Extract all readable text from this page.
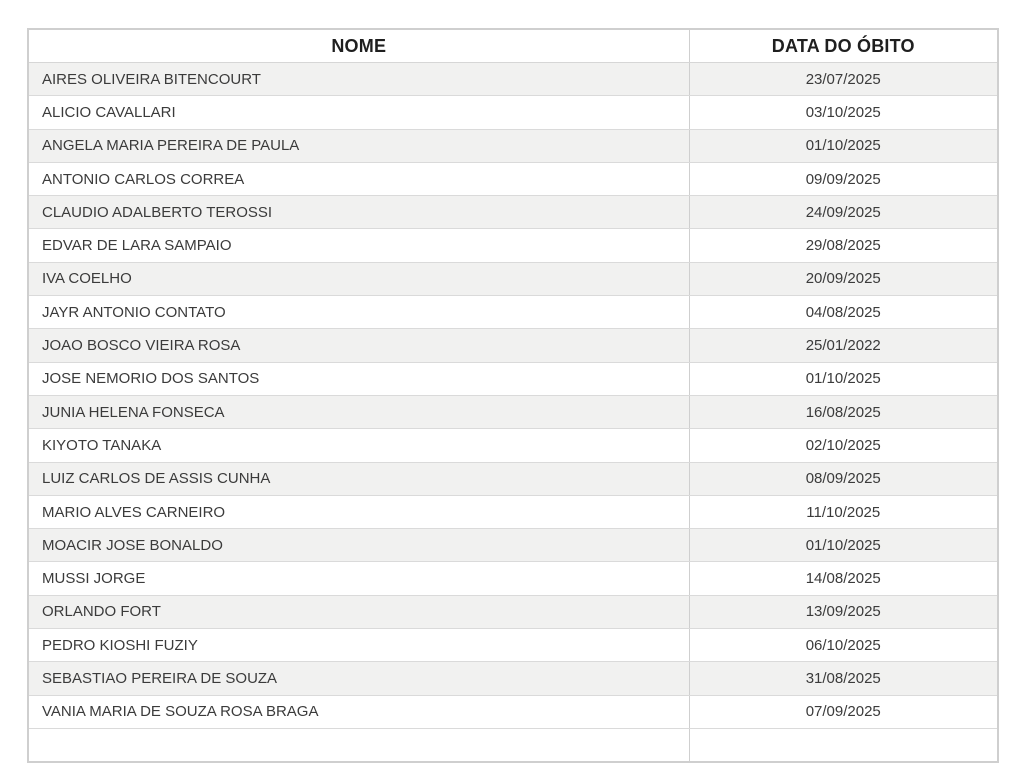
NOME	DATA DO ÓBITO
AIRES OLIVEIRA BITENCOURT	23/07/2025
ALICIO CAVALLARI	03/10/2025
ANGELA MARIA PEREIRA DE PAULA	01/10/2025
ANTONIO CARLOS CORREA	09/09/2025
CLAUDIO ADALBERTO TEROSSI	24/09/2025
EDVAR DE LARA SAMPAIO	29/08/2025
IVA COELHO	20/09/2025
JAYR ANTONIO CONTATO	04/08/2025
JOAO BOSCO VIEIRA ROSA	25/01/2022
JOSE NEMORIO DOS SANTOS	01/10/2025
JUNIA HELENA FONSECA	16/08/2025
KIYOTO TANAKA	02/10/2025
LUIZ CARLOS DE ASSIS CUNHA	08/09/2025
MARIO ALVES CARNEIRO	11/10/2025
MOACIR JOSE BONALDO	01/10/2025
MUSSI JORGE	14/08/2025
ORLANDO FORT	13/09/2025
PEDRO KIOSHI FUZIY	06/10/2025
SEBASTIAO PEREIRA DE SOUZA	31/08/2025
VANIA MARIA DE SOUZA ROSA BRAGA	07/09/2025
